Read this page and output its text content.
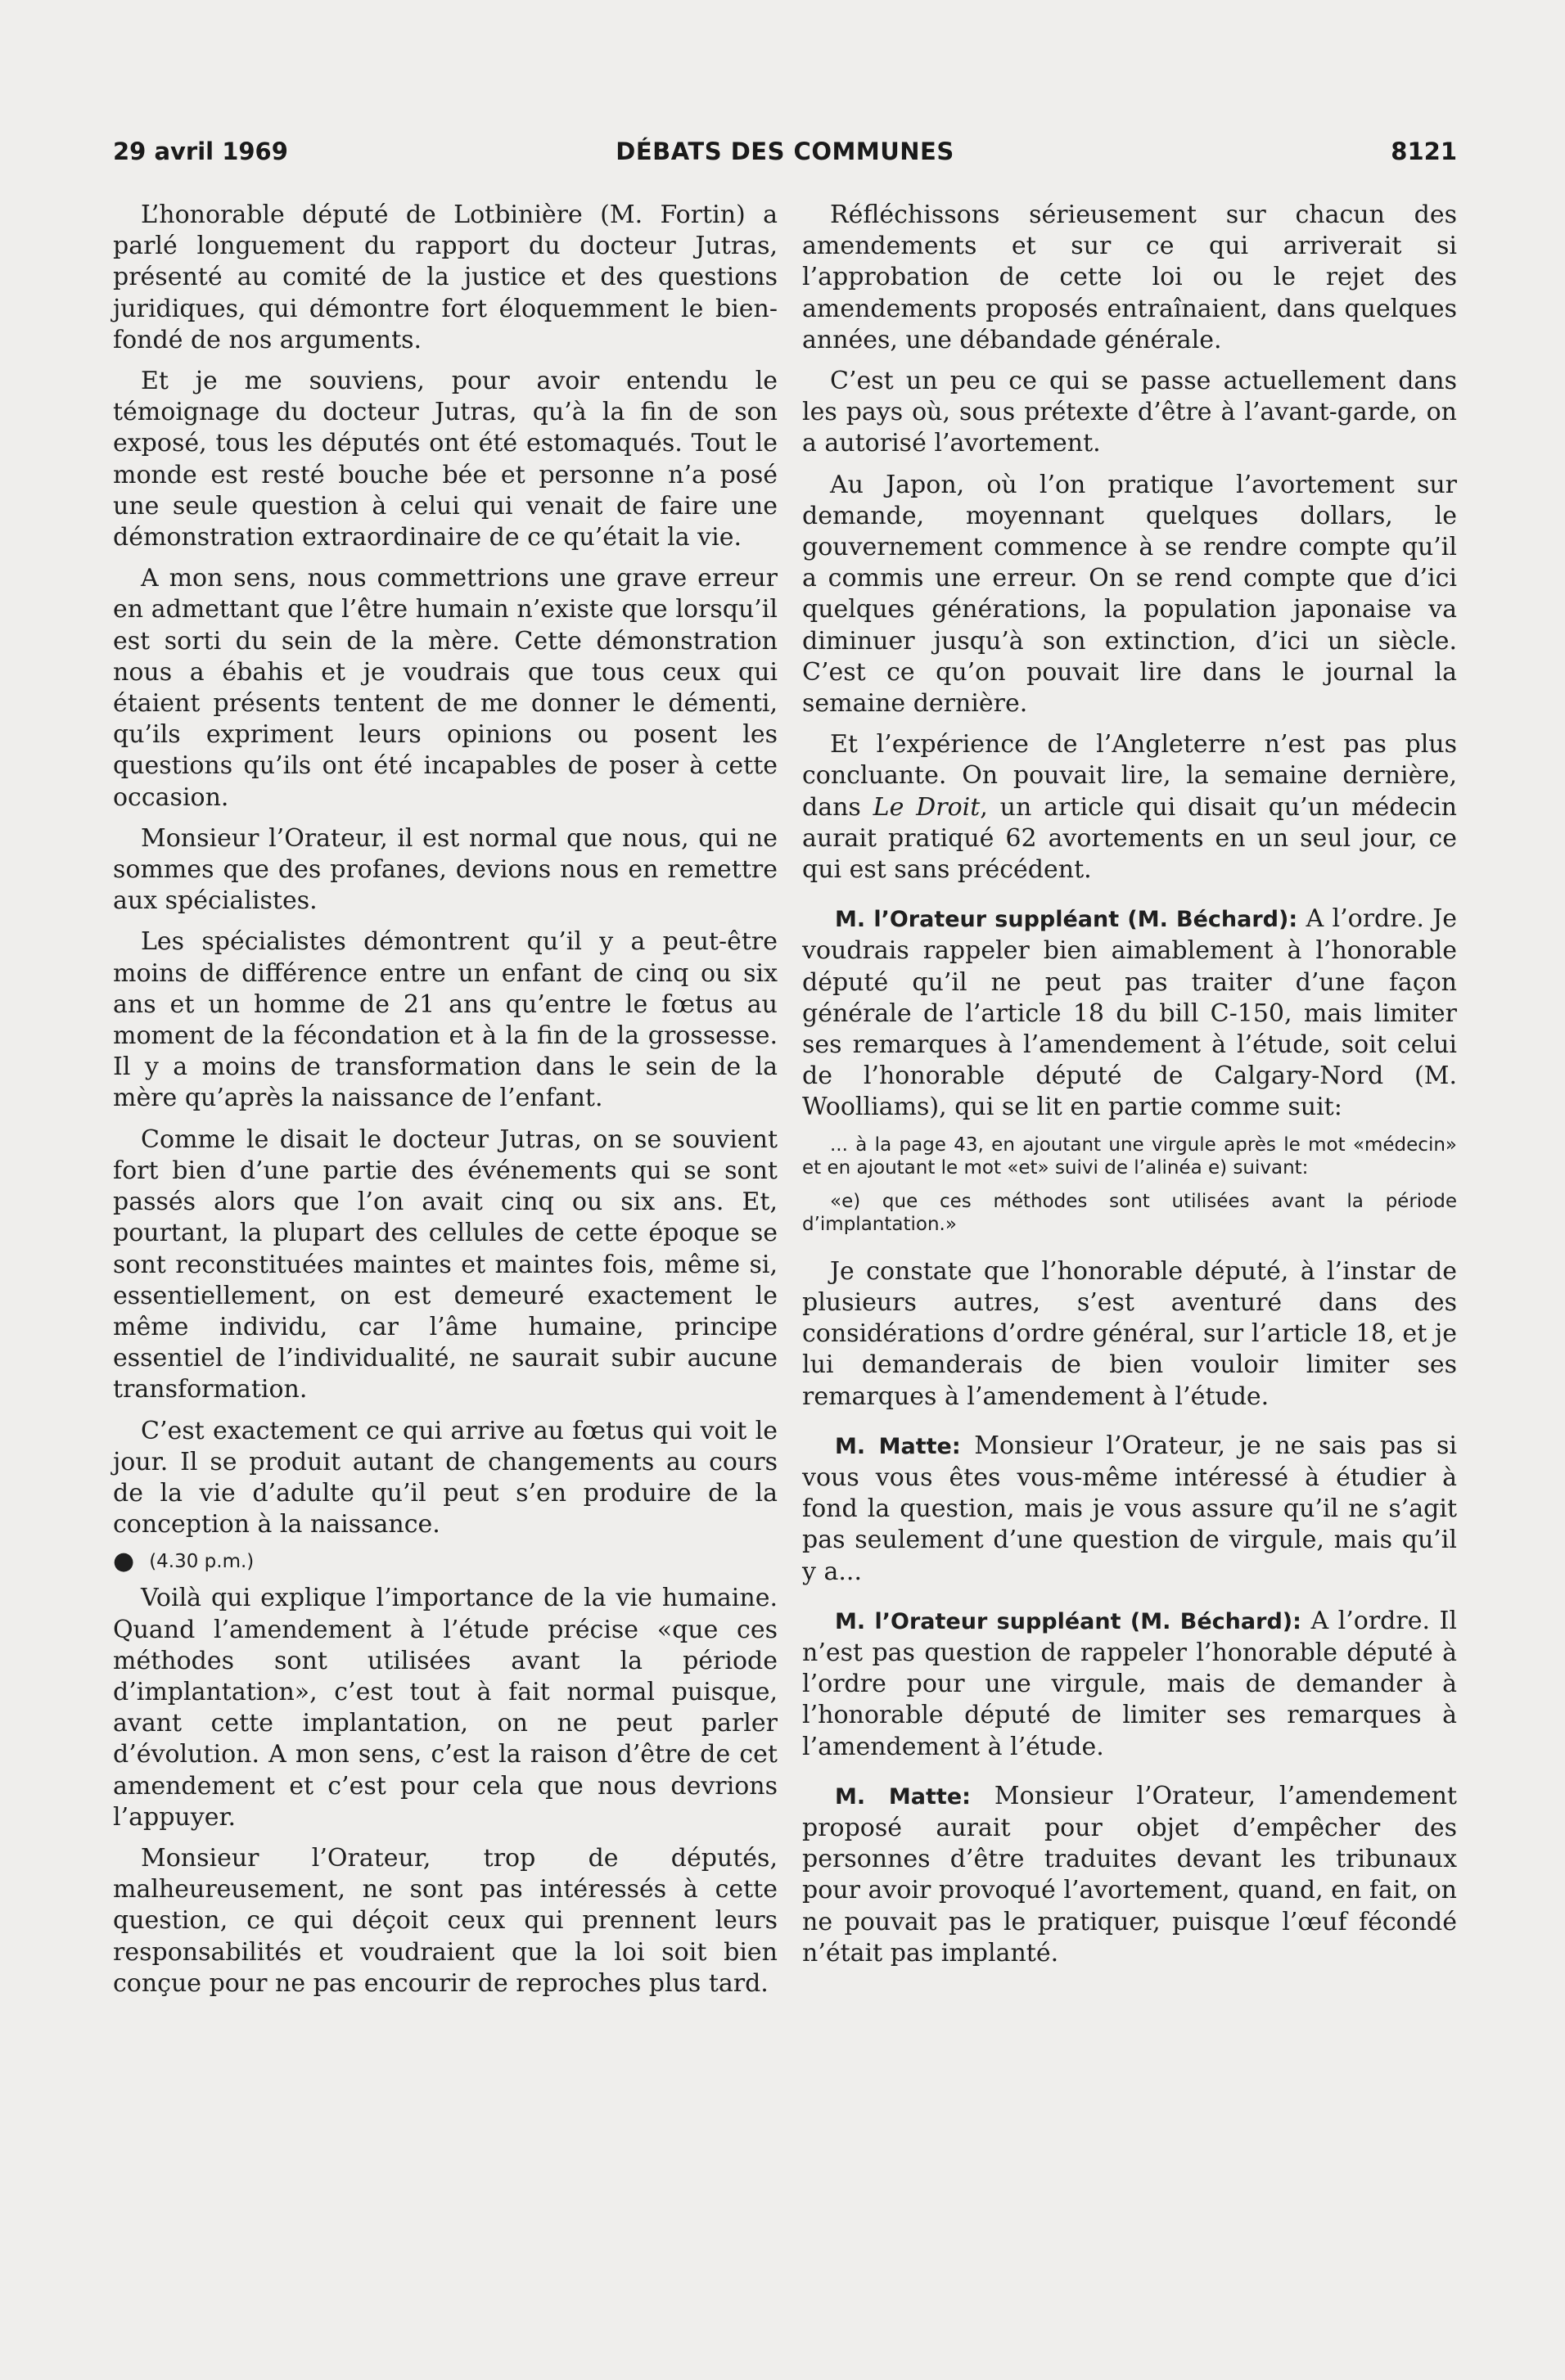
29 avril 1969	DÉBATS DES COMMUNES	8121

L’honorable député de Lotbinière (M. Fortin) a parlé longuement du rapport du docteur Jutras, présenté au comité de la justice et des questions juridiques, qui démontre fort éloquemment le bien-fondé de nos arguments.

Et je me souviens, pour avoir entendu le témoignage du docteur Jutras, qu’à la fin de son exposé, tous les députés ont été estomaqués. Tout le monde est resté bouche bée et personne n’a posé une seule question à celui qui venait de faire une démonstration extraordinaire de ce qu’était la vie.

A mon sens, nous commettrions une grave erreur en admettant que l’être humain n’existe que lorsqu’il est sorti du sein de la mère. Cette démonstration nous a ébahis et je voudrais que tous ceux qui étaient présents tentent de me donner le démenti, qu’ils expriment leurs opinions ou posent les questions qu’ils ont été incapables de poser à cette occasion.

Monsieur l’Orateur, il est normal que nous, qui ne sommes que des profanes, devions nous en remettre aux spécialistes.

Les spécialistes démontrent qu’il y a peut-être moins de différence entre un enfant de cinq ou six ans et un homme de 21 ans qu’entre le fœtus au moment de la fécondation et à la fin de la grossesse. Il y a moins de transformation dans le sein de la mère qu’après la naissance de l’enfant.

Comme le disait le docteur Jutras, on se souvient fort bien d’une partie des événements qui se sont passés alors que l’on avait cinq ou six ans. Et, pourtant, la plupart des cellules de cette époque se sont reconstituées maintes et maintes fois, même si, essentiellement, on est demeuré exactement le même individu, car l’âme humaine, principe essentiel de l’individualité, ne saurait subir aucune transformation.

C’est exactement ce qui arrive au fœtus qui voit le jour. Il se produit autant de changements au cours de la vie d’adulte qu’il peut s’en produire de la conception à la naissance.

● (4.30 p.m.)

Voilà qui explique l’importance de la vie humaine. Quand l’amendement à l’étude précise «que ces méthodes sont utilisées avant la période d’implantation», c’est tout à fait normal puisque, avant cette implantation, on ne peut parler d’évolution. A mon sens, c’est la raison d’être de cet amendement et c’est pour cela que nous devrions l’appuyer.

Monsieur l’Orateur, trop de députés, malheureusement, ne sont pas intéressés à cette question, ce qui déçoit ceux qui prennent leurs responsabilités et voudraient que la loi soit bien conçue pour ne pas encourir de reproches plus tard.

Réfléchissons sérieusement sur chacun des amendements et sur ce qui arriverait si l’approbation de cette loi ou le rejet des amendements proposés entraînaient, dans quelques années, une débandade générale.

C’est un peu ce qui se passe actuellement dans les pays où, sous prétexte d’être à l’avant-garde, on a autorisé l’avortement.

Au Japon, où l’on pratique l’avortement sur demande, moyennant quelques dollars, le gouvernement commence à se rendre compte qu’il a commis une erreur. On se rend compte que d’ici quelques générations, la population japonaise va diminuer jusqu’à son extinction, d’ici un siècle. C’est ce qu’on pouvait lire dans le journal la semaine dernière.

Et l’expérience de l’Angleterre n’est pas plus concluante. On pouvait lire, la semaine dernière, dans Le Droit, un article qui disait qu’un médecin aurait pratiqué 62 avortements en un seul jour, ce qui est sans précédent.

M. l’Orateur suppléant (M. Béchard): A l’ordre. Je voudrais rappeler bien aimablement à l’honorable député qu’il ne peut pas traiter d’une façon générale de l’article 18 du bill C-150, mais limiter ses remarques à l’amendement à l’étude, soit celui de l’honorable député de Calgary-Nord (M. Woolliams), qui se lit en partie comme suit:

... à la page 43, en ajoutant une virgule après le mot «médecin» et en ajoutant le mot «et» suivi de l’alinéa e) suivant:

«e) que ces méthodes sont utilisées avant la période d’implantation.»

Je constate que l’honorable député, à l’instar de plusieurs autres, s’est aventuré dans des considérations d’ordre général, sur l’article 18, et je lui demanderais de bien vouloir limiter ses remarques à l’amendement à l’étude.

M. Matte: Monsieur l’Orateur, je ne sais pas si vous vous êtes vous-même intéressé à étudier à fond la question, mais je vous assure qu’il ne s’agit pas seulement d’une question de virgule, mais qu’il y a...

M. l’Orateur suppléant (M. Béchard): A l’ordre. Il n’est pas question de rappeler l’honorable député à l’ordre pour une virgule, mais de demander à l’honorable député de limiter ses remarques à l’amendement à l’étude.

M. Matte: Monsieur l’Orateur, l’amendement proposé aurait pour objet d’empêcher des personnes d’être traduites devant les tribunaux pour avoir provoqué l’avortement, quand, en fait, on ne pouvait pas le pratiquer, puisque l’œuf fécondé n’était pas implanté.
